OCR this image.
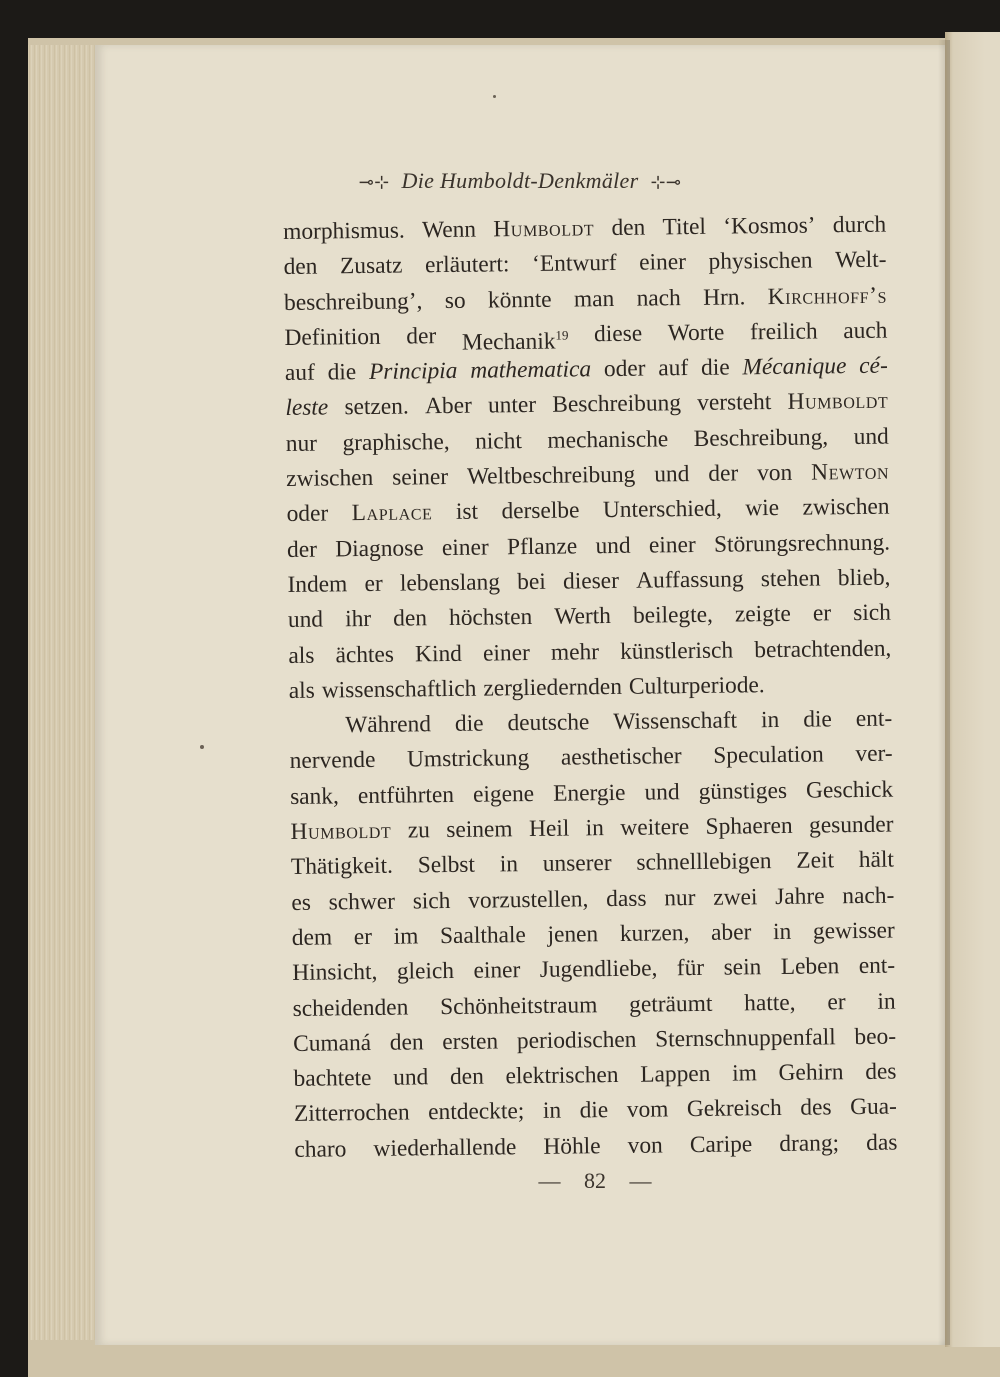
⊸⊹ Die Humboldt-Denkmäler ⊹⊸
morphismus. Wenn Humboldt den Titel ‘Kosmos’ durch
den Zusatz erläutert: ‘Entwurf einer physischen Welt-
beschreibung’, so könnte man nach Hrn. Kirchhoff’s
Definition der Mechanik$^{19}$ diese Worte freilich auch
auf die Principia mathematica oder auf die Mécanique cé-
leste setzen. Aber unter Beschreibung versteht Humboldt
nur graphische, nicht mechanische Beschreibung, und
zwischen seiner Weltbeschreibung und der von Newton
oder Laplace ist derselbe Unterschied, wie zwischen
der Diagnose einer Pflanze und einer Störungsrechnung.
Indem er lebenslang bei dieser Auffassung stehen blieb,
und ihr den höchsten Werth beilegte, zeigte er sich
als ächtes Kind einer mehr künstlerisch betrachtenden,
als wissenschaftlich zergliedernden Culturperiode.
Während die deutsche Wissenschaft in die ent-
nervende Umstrickung aesthetischer Speculation ver-
sank, entführten eigene Energie und günstiges Geschick
Humboldt zu seinem Heil in weitere Sphaeren gesunder
Thätigkeit. Selbst in unserer schnelllebigen Zeit hält
es schwer sich vorzustellen, dass nur zwei Jahre nach-
dem er im Saalthale jenen kurzen, aber in gewisser
Hinsicht, gleich einer Jugendliebe, für sein Leben ent-
scheidenden Schönheitstraum geträumt hatte, er in
Cumaná den ersten periodischen Sternschnuppenfall beo-
bachtete und den elektrischen Lappen im Gehirn des
Zitterrochen entdeckte; in die vom Gekreisch des Gua-
charo wiederhallende Höhle von Caripe drang; das
— 82 —
